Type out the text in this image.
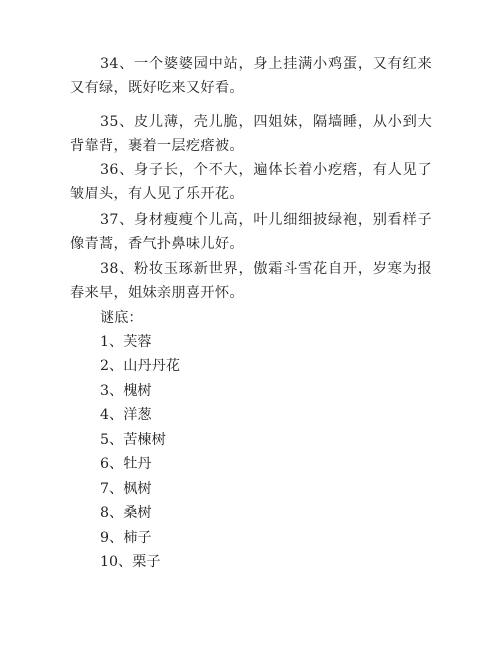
34、一个婆婆园中站，身上挂满小鸡蛋，又有红来又有绿，既好吃来又好看。

35、皮儿薄，壳儿脆，四姐妹，隔墙睡，从小到大背靠背，裹着一层疙瘩被。

36、身子长，个不大，遍体长着小疙瘩，有人见了皱眉头，有人见了乐开花。

37、身材瘦瘦个儿高，叶儿细细披绿袍，别看样子像青蒿，香气扑鼻味儿好。

38、粉妆玉琢新世界，傲霜斗雪花自开，岁寒为报春来早，姐妹亲朋喜开怀。

谜底：
1、芙蓉
2、山丹丹花
3、槐树
4、洋葱
5、苦楝树
6、牡丹
7、枫树
8、桑树
9、柿子
10、栗子
